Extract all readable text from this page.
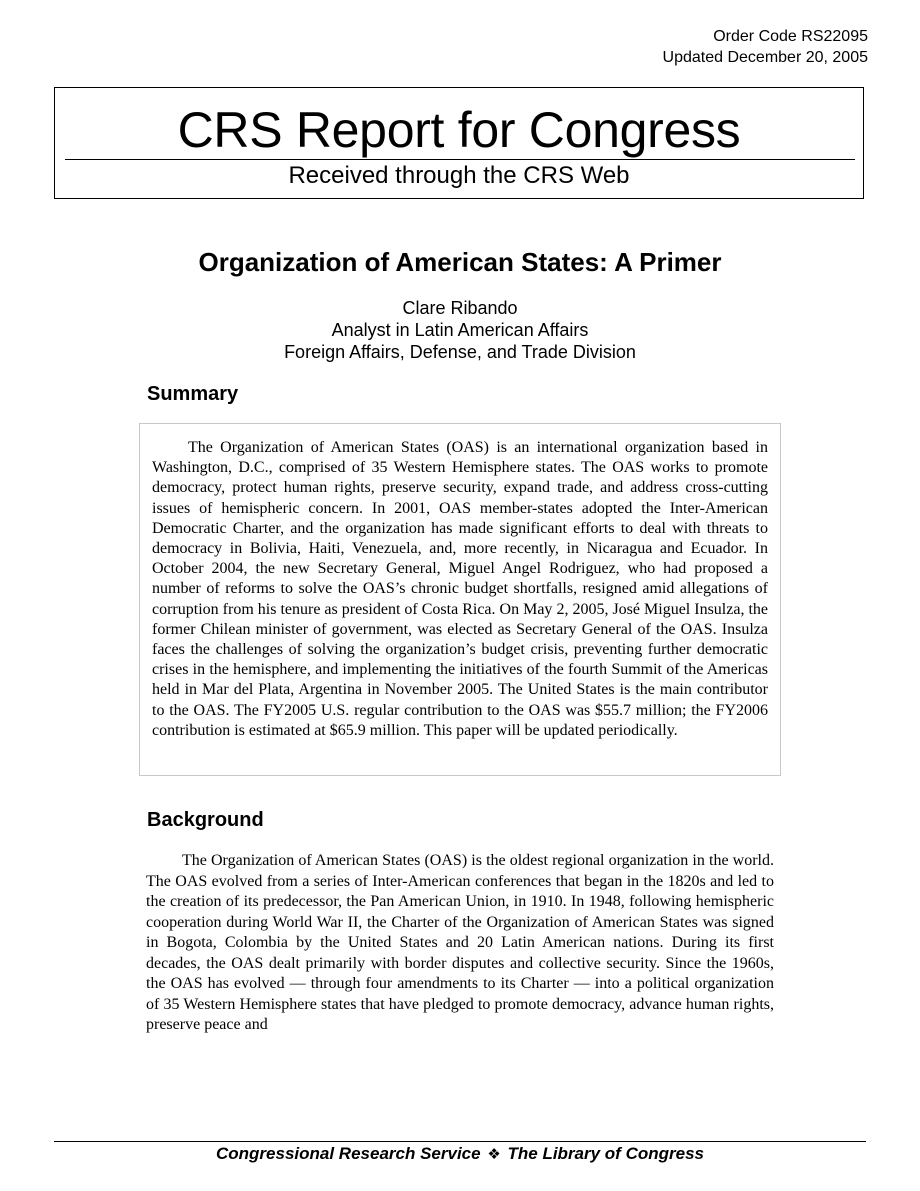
Order Code RS22095
Updated December 20, 2005
CRS Report for Congress
Received through the CRS Web
Organization of American States: A Primer
Clare Ribando
Analyst in Latin American Affairs
Foreign Affairs, Defense, and Trade Division
Summary

The Organization of American States (OAS) is an international organization based in Washington, D.C., comprised of 35 Western Hemisphere states. The OAS works to promote democracy, protect human rights, preserve security, expand trade, and address cross-cutting issues of hemispheric concern. In 2001, OAS member-states adopted the Inter-American Democratic Charter, and the organization has made significant efforts to deal with threats to democracy in Bolivia, Haiti, Venezuela, and, more recently, in Nicaragua and Ecuador. In October 2004, the new Secretary General, Miguel Angel Rodriguez, who had proposed a number of reforms to solve the OAS’s chronic budget shortfalls, resigned amid allegations of corruption from his tenure as president of Costa Rica. On May 2, 2005, José Miguel Insulza, the former Chilean minister of government, was elected as Secretary General of the OAS. Insulza faces the challenges of solving the organization’s budget crisis, preventing further democratic crises in the hemisphere, and implementing the initiatives of the fourth Summit of the Americas held in Mar del Plata, Argentina in November 2005. The United States is the main contributor to the OAS. The FY2005 U.S. regular contribution to the OAS was $55.7 million; the FY2006 contribution is estimated at $65.9 million. This paper will be updated periodically.

Background

The Organization of American States (OAS) is the oldest regional organization in the world. The OAS evolved from a series of Inter-American conferences that began in the 1820s and led to the creation of its predecessor, the Pan American Union, in 1910. In 1948, following hemispheric cooperation during World War II, the Charter of the Organization of American States was signed in Bogota, Colombia by the United States and 20 Latin American nations. During its first decades, the OAS dealt primarily with border disputes and collective security. Since the 1960s, the OAS has evolved — through four amendments to its Charter — into a political organization of 35 Western Hemisphere states that have pledged to promote democracy, advance human rights, preserve peace and

Congressional Research Service ❖ The Library of Congress
